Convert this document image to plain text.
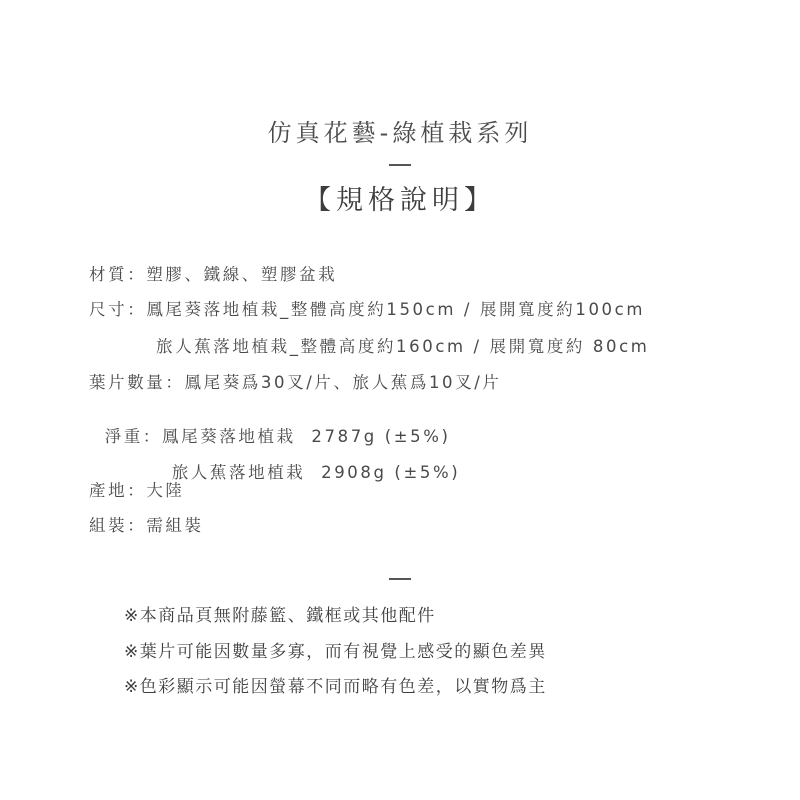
仿真花藝-綠植栽系列
【規格說明】
材質：塑膠、鐵線、塑膠盆栽
尺寸：鳳尾葵落地植栽_整體高度約150cm / 展開寬度約100cm
旅人蕉落地植栽_整體高度約160cm / 展開寬度約 80cm
葉片數量：鳳尾葵爲30叉/片、旅人蕉爲10叉/片

淨重：鳳尾葵落地植栽  2787g (±5%)

旅人蕉落地植栽  2908g (±5%)

產地：大陸
組裝：需組裝
※本商品頁無附藤籃、鐵框或其他配件
※葉片可能因數量多寡，而有視覺上感受的顯色差異
※色彩顯示可能因螢幕不同而略有色差，以實物爲主
